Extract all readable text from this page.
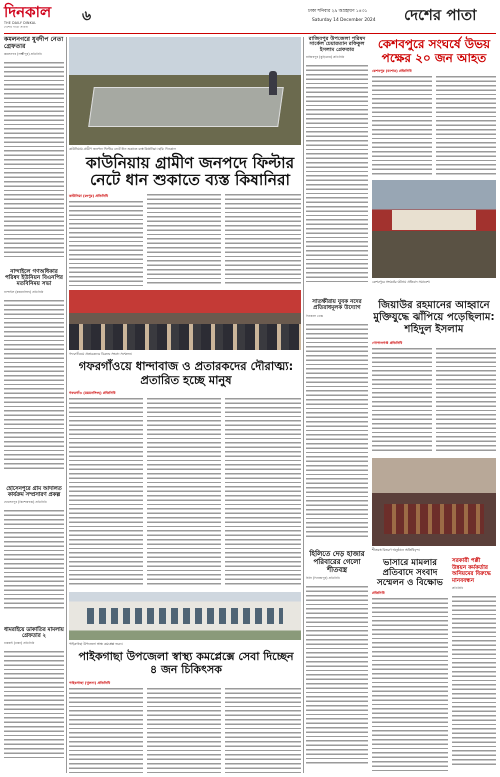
দিনকাল
THE DAILY DINKAL
দেশের পাতা সংবাদ
৬	ঢাকা শনিবার ২৯ অগ্রহায়ণ ১৪৩১
Saturday 14 December 2024 দেশের পাতা
কমলনগরে যুবদীপ নেতা গ্রেফতার
কমলনগর (লক্ষ্মীপুর) প্রতিনিধি
নান্দাইলে গণঅধিকার পরিষদ ইউনিয়ন বিএনপির মতবিনিময় সভা
নান্দাইল (ময়মনসিংহ) প্রতিনিধি
হোসেনপুরে গ্রাম আদালত কার্যক্রম সম্প্রসারণ প্রকল্প
হোসেনপুর (কিশোরগঞ্জ) প্রতিনিধি
ধামরাইয়ে ডাকাতির মামলায় গ্রেফতার ২
ধামরাই (ঢাকা) প্রতিনিধি
কাউনিয়ায় গ্রামীণ জনপদে ফিল্টার নেটে ধান শুকাতে ব্যস্ত কিষানিরা। ছবি: দিনকাল
কাউনিয়ায় গ্রামীণ জনপদে ফিল্টার নেটে ধান শুকাতে ব্যস্ত কিষানিরা
কাউনিয়া (রংপুর) প্রতিনিধি
রাজিবপুর উপজেলা পরিষদ সার্কেল চেয়ারম্যান রফিকুল ইসলাম গ্রেফতার
রাজিবপুর (কুড়িগ্রাম) প্রতিনিধি
কেশবপুরে সংঘর্ষে উভয় পক্ষের ২০ জন আহত
কেশবপুর (যশোর) প্রতিনিধি
কেশবপুরে সংঘর্ষের ঘটনায় প্রতিবাদ সমাবেশ।
গফরগাঁওয়ে প্রতারকদের বিরুদ্ধে সংবাদ সম্মেলন।
গফরগাঁওয়ে ধান্দাবাজ ও প্রতারকদের দৌরাত্ম্য: প্রতারিত হচ্ছে মানুষ
গফরগাঁও (ময়মনসিংহ) প্রতিনিধি
সাতক্ষীরায় যুবক নদের প্রতিরাধমূলক উদ্যোগ
দিনকাল ডেস্ক
জিয়াউর রহমানের আহ্বানে মুক্তিযুদ্ধে ঝাঁপিয়ে পড়েছিলাম: শহিদুল ইসলাম
গোপালগঞ্জ প্রতিনিধি
শীতবস্ত্র বিতরণ অনুষ্ঠানে অতিথিবৃন্দ।
পাইকগাছা উপজেলা স্বাস্থ্য কমপ্লেক্স ভবন।
পাইকগাছা উপজেলা স্বাস্থ্য কমপ্লেক্সে সেবা দিচ্ছেন ৪ জন চিকিৎসক
পাইকগাছা (খুলনা) প্রতিনিধি
হিলিতে দেড় হাজার পরিবারের গেলো শীতবস্ত্র
হিলি (দিনাজপুর) প্রতিনিধি
ভাসারে মামলার প্রতিবাদে সংবাদ সম্মেলন ও বিক্ষোভ
প্রতিনিধি
সরকারী পল্লী উন্নয়ন কর্মকর্তার অনিয়মের বিরুদ্ধে মানববন্ধন
প্রতিনিধি
